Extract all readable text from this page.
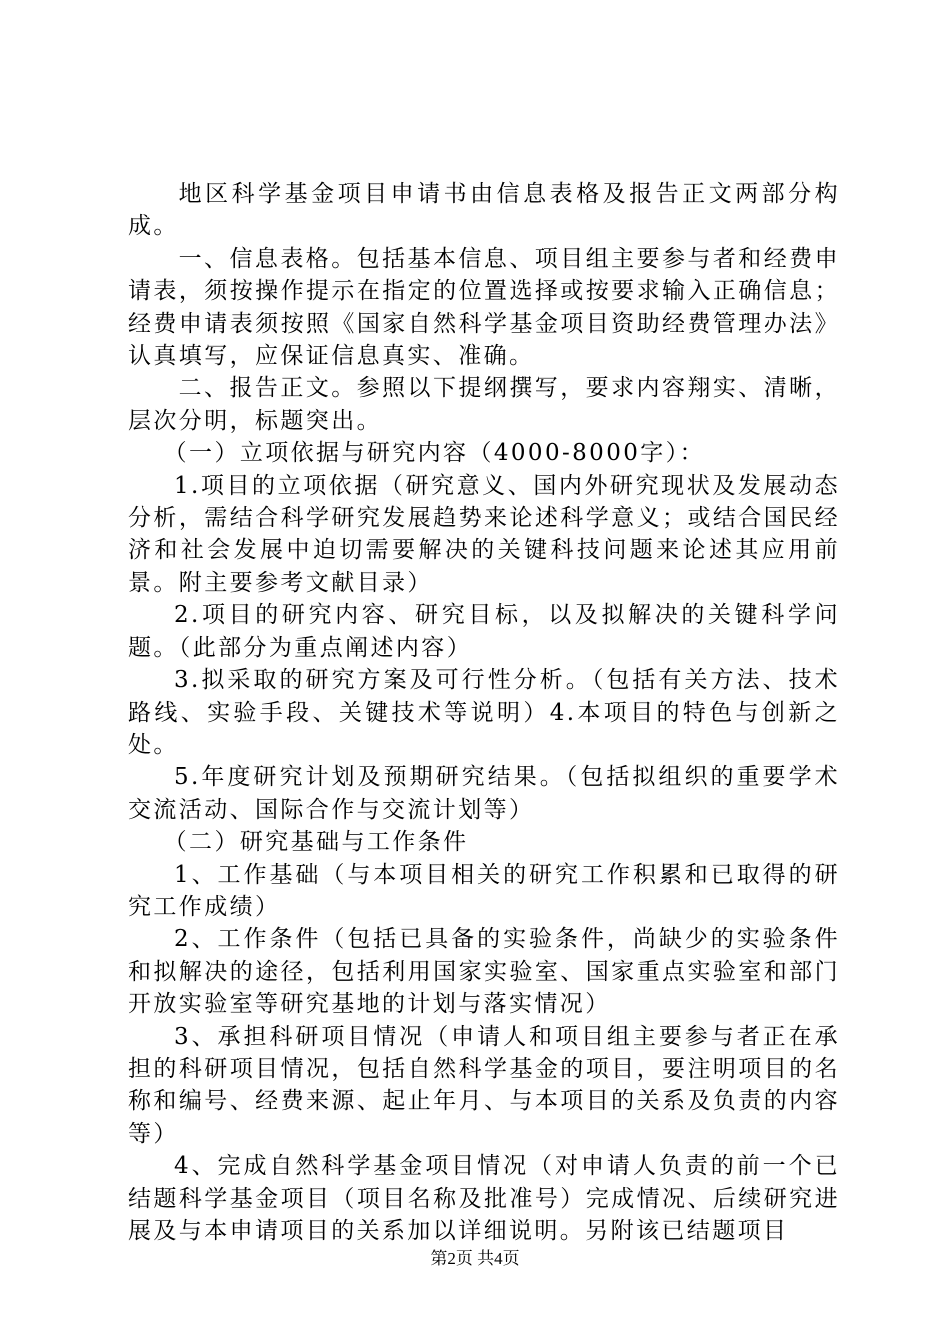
地区科学基金项目申请书由信息表格及报告正文两部分构成。

一、信息表格。包括基本信息、项目组主要参与者和经费申请表，须按操作提示在指定的位置选择或按要求输入正确信息；经费申请表须按照《国家自然科学基金项目资助经费管理办法》认真填写，应保证信息真实、准确。

二、报告正文。参照以下提纲撰写，要求内容翔实、清晰，层次分明，标题突出。

（一）立项依据与研究内容（4000-8000字）：

1.项目的立项依据（研究意义、国内外研究现状及发展动态分析，需结合科学研究发展趋势来论述科学意义；或结合国民经济和社会发展中迫切需要解决的关键科技问题来论述其应用前景。附主要参考文献目录）

2.项目的研究内容、研究目标，以及拟解决的关键科学问题。（此部分为重点阐述内容）

3.拟采取的研究方案及可行性分析。（包括有关方法、技术路线、实验手段、关键技术等说明）4.本项目的特色与创新之处。

5.年度研究计划及预期研究结果。（包括拟组织的重要学术交流活动、国际合作与交流计划等）

（二）研究基础与工作条件

1、工作基础（与本项目相关的研究工作积累和已取得的研究工作成绩）

2、工作条件（包括已具备的实验条件，尚缺少的实验条件和拟解决的途径，包括利用国家实验室、国家重点实验室和部门开放实验室等研究基地的计划与落实情况）

3、承担科研项目情况（申请人和项目组主要参与者正在承担的科研项目情况，包括自然科学基金的项目，要注明项目的名称和编号、经费来源、起止年月、与本项目的关系及负责的内容等）

4、完成自然科学基金项目情况（对申请人负责的前一个已结题科学基金项目（项目名称及批准号）完成情况、后续研究进展及与本申请项目的关系加以详细说明。另附该已结题项目

第2页 共4页
